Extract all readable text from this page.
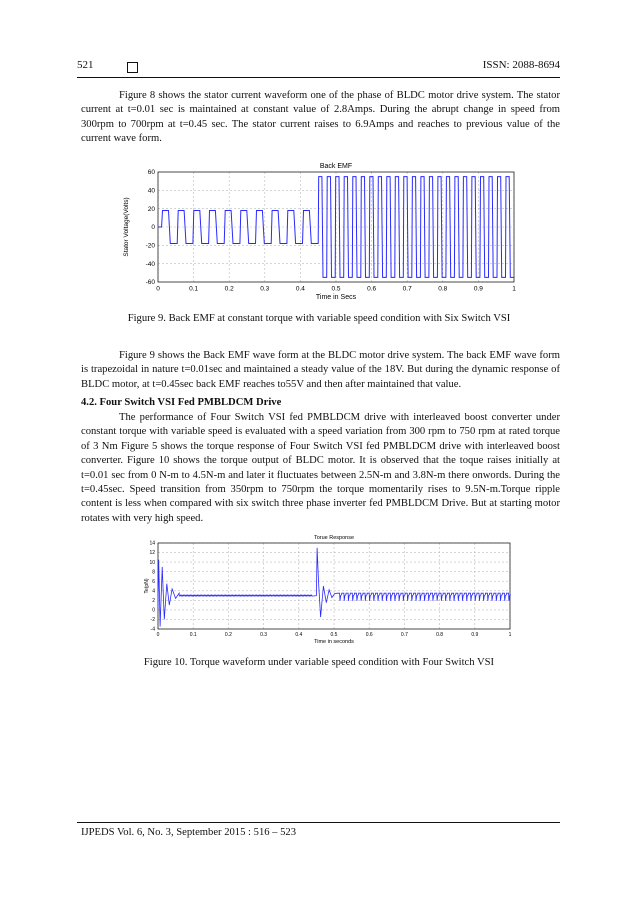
521	ISSN: 2088-8694

Figure 8 shows the stator current waveform one of the phase of BLDC motor drive system. The stator current at t=0.01 sec is maintained at constant value of 2.8Amps. During the abrupt change in speed from 300rpm to 700rpm at t=0.45 sec. The stator current raises to 6.9Amps and reaches to previous value of the current wave form.

0	0.1	0.2	0.3	0.4	0.5	0.6	0.7	0.8	0.9	1
60
40
20
0
-20
-40
-60
Back EMF
Time in Secs
Stator Voltage(Volts)
Figure 9. Back EMF at constant torque with variable speed condition with Six Switch VSI

Figure 9 shows the Back EMF wave form at the BLDC motor drive system. The back EMF wave form is trapezoidal in nature t=0.01sec and maintained a steady value of the 18V. But during the dynamic response of BLDC motor, at t=0.45sec back EMF reaches to55V and then after maintained that value.

4.2. Four Switch VSI Fed PMBLDCM Drive

The performance of Four Switch VSI fed PMBLDCM drive with interleaved boost converter under constant torque with variable speed is evaluated with a speed variation from 300 rpm to 750 rpm at rated torque of 3 Nm Figure 5 shows the torque response of Four Switch VSI fed PMBLDCM drive with interleaved boost converter. Figure 10 shows the torque output of BLDC motor. It is observed that the toque raises initially at t=0.01 sec from 0 N-m to 4.5N-m and later it fluctuates between 2.5N-m and 3.8N-m there onwords. During the t=0.45sec. Speed transition from 350rpm to 750rpm the torque momentarily rises to 9.5N-m.Torque ripple content is less when compared with six switch three phase inverter fed PMBLDCM Drive. But at starting motor rotates with very high speed.

0	0.1	0.2	0.3	0.4	0.5	0.6	0.7	0.8	0.9	1
14
12
10
8
6
4
2
0
-2
-4
Torue Response
Time in seconds
Te(pN)
Figure 10. Torque waveform under variable speed condition with Four Switch VSI
IJPEDS Vol. 6, No. 3, September 2015 : 516 – 523
